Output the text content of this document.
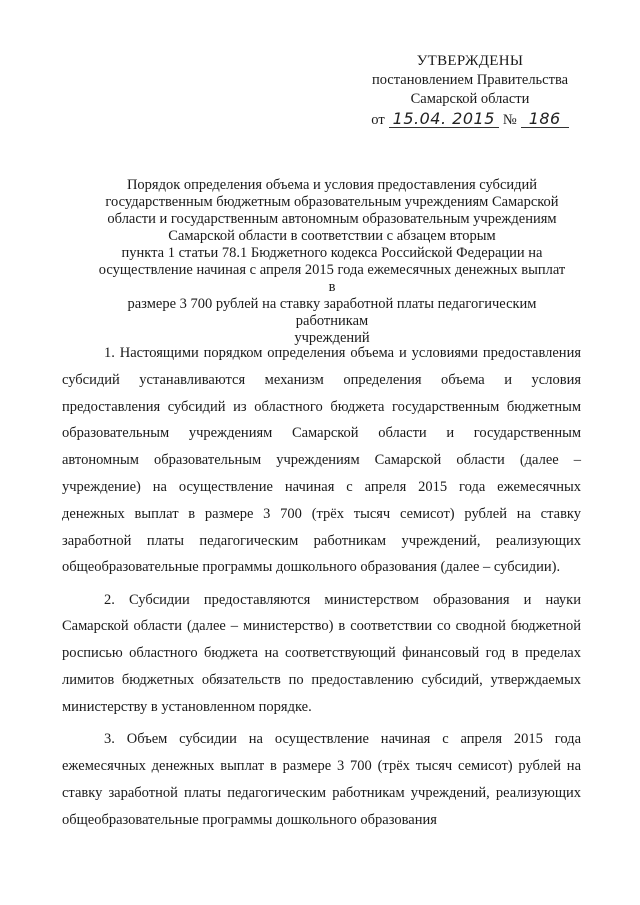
УТВЕРЖДЕНЫ
постановлением Правительства
Самарской области
от 15.04. 2015 № 186

Порядок определения объема и условия предоставления субсидий

государственным бюджетным образовательным учреждениям Самарской

области и государственным автономным образовательным учреждениям

Самарской области в соответствии с абзацем вторым

пункта 1 статьи 78.1 Бюджетного кодекса Российской Федерации на

осуществление начиная с апреля 2015 года ежемесячных денежных выплат в

размере 3 700 рублей на ставку заработной платы педагогическим работникам

учреждений

1. Настоящими порядком определения объема и условиями предоставления субсидий устанавливаются механизм определения объема и условия предоставления субсидий из областного бюджета государственным бюджетным образовательным учреждениям Самарской области и государственным автономным образовательным учреждениям Самарской области (далее – учреждение) на осуществление начиная с апреля 2015 года ежемесячных денежных выплат в размере 3 700 (трёх тысяч семисот) рублей на ставку заработной платы педагогическим работникам учреждений, реализующих общеобразовательные программы дошкольного образования (далее – субсидии).

2. Субсидии предоставляются министерством образования и науки Самарской области (далее – министерство) в соответствии со сводной бюджетной росписью областного бюджета на соответствующий финансовый год в пределах лимитов бюджетных обязательств по предоставлению субсидий, утверждаемых министерству в установленном порядке.

3. Объем субсидии на осуществление начиная с апреля 2015 года ежемесячных денежных выплат в размере 3 700 (трёх тысяч семисот) рублей на ставку заработной платы педагогическим работникам учреждений, реализующих общеобразовательные программы дошкольного образования
